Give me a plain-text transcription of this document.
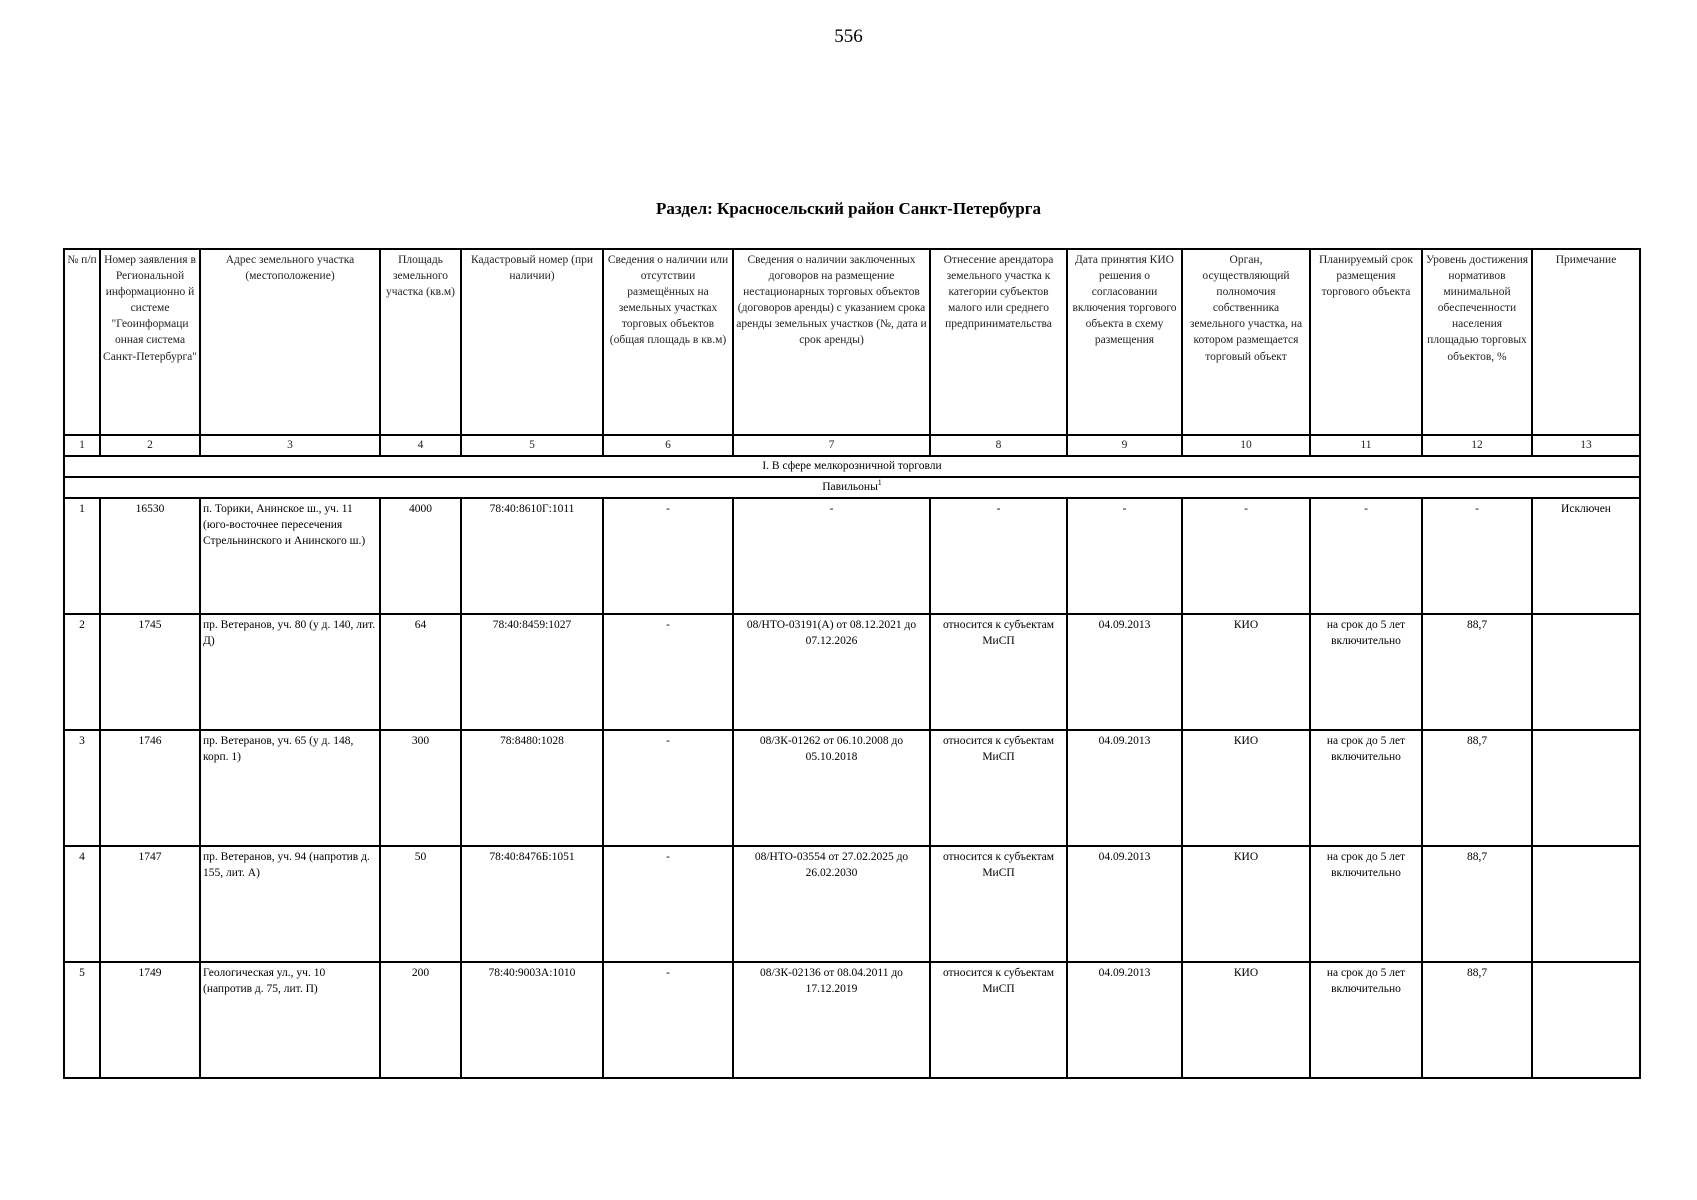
556
Раздел: Красносельский район Санкт-Петербурга
№ п/п	Номер заявления в Региональной информационно й системе "Геоинформаци онная система Санкт-Петербурга"	Адрес земельного участка (местоположение)	Площадь земельного участка (кв.м)	Кадастровый номер (при наличии)	Сведения о наличии или отсутствии размещённых на земельных участках торговых объектов (общая площадь в кв.м)	Сведения о наличии заключенных договоров на размещение нестационарных торговых объектов (договоров аренды) с указанием срока аренды земельных участков (№, дата и срок аренды)	Отнесение арендатора земельного участка к категории субъектов малого или среднего предпринимательства	Дата принятия КИО решения о согласовании включения торгового объекта в схему размещения	Орган, осуществляющий полномочия собственника земельного участка, на котором размещается торговый объект	Планируемый срок размещения торгового объекта	Уровень достижения нормативов минимальной обеспеченности населения площадью торговых объектов, %	Примечание
1	2	3	4	5	6	7	8	9	10	11	12	13
I. В сфере мелкорозничной торговли												
Павильоны$^1$
1	16530	п. Торики, Анинское ш., уч. 11 (юго-восточнее пересечения Стрельнинского и Анинского ш.)	4000	78:40:8610Г:1011	-	-	-	-	-	-	-	Исключен
2	1745	пр. Ветеранов, уч. 80 (у д. 140, лит. Д)	64	78:40:8459:1027	-	08/НТО-03191(А) от 08.12.2021 до 07.12.2026	относится к субъектам МиСП	04.09.2013	КИО	на срок до 5 лет включительно	88,7	
3	1746	пр. Ветеранов, уч. 65 (у д. 148, корп. 1)	300	78:8480:1028	-	08/ЗК-01262 от 06.10.2008 до 05.10.2018	относится к субъектам МиСП	04.09.2013	КИО	на срок до 5 лет включительно	88,7	
4	1747	пр. Ветеранов, уч. 94 (напротив д. 155, лит. А)	50	78:40:8476Б:1051	-	08/НТО-03554 от 27.02.2025 до 26.02.2030	относится к субъектам МиСП	04.09.2013	КИО	на срок до 5 лет включительно	88,7	
5	1749	Геологическая ул., уч. 10 (напротив д. 75, лит. П)	200	78:40:9003А:1010	-	08/ЗК-02136 от 08.04.2011 до 17.12.2019	относится к субъектам МиСП	04.09.2013	КИО	на срок до 5 лет включительно	88,7	
